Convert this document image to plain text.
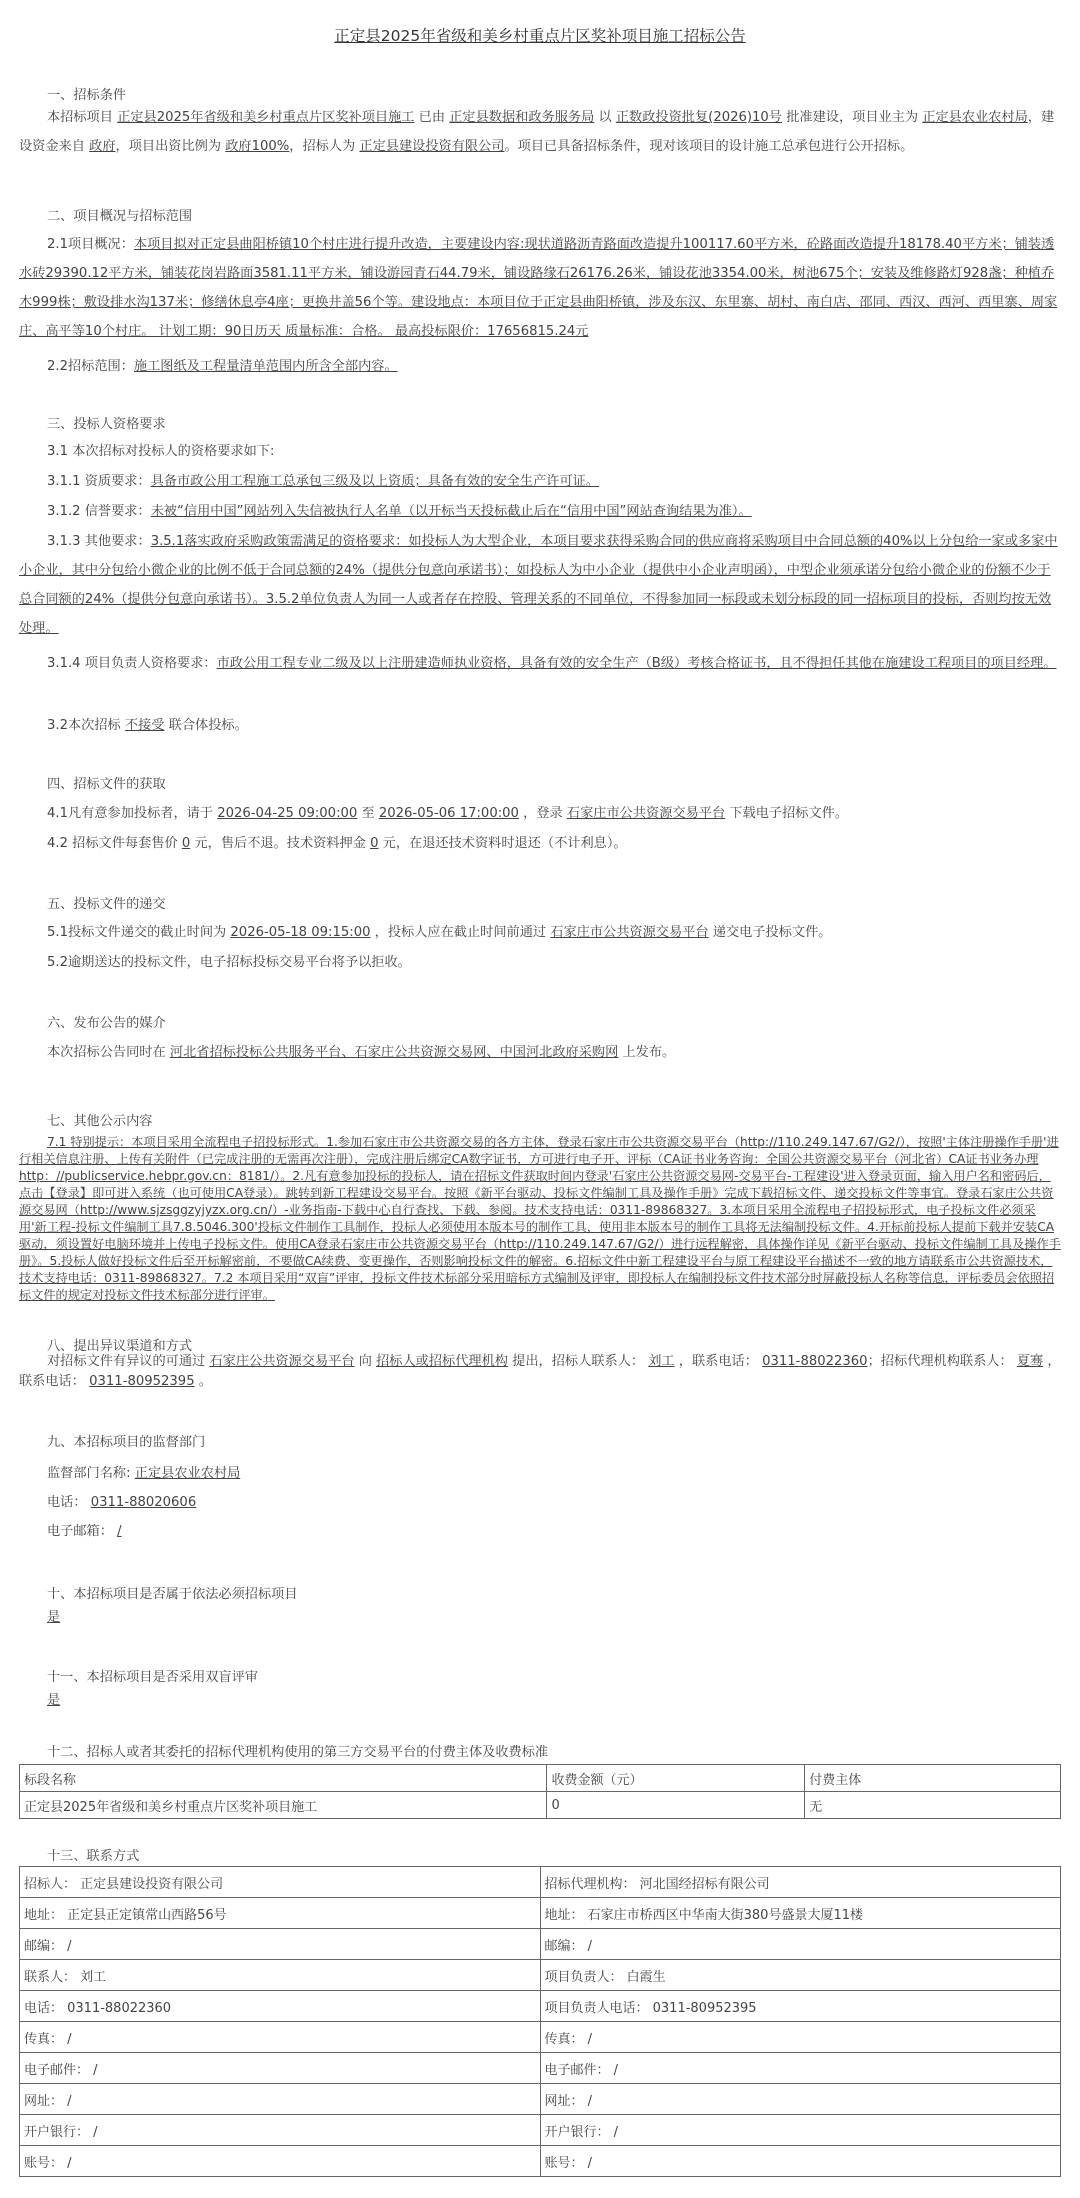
正定县2025年省级和美乡村重点片区奖补项目施工招标公告
一、招标条件
本招标项目 正定县2025年省级和美乡村重点片区奖补项目施工 已由 正定县数据和政务服务局 以 正数政投资批复(2026)10号 批准建设，项目业主为 正定县农业农村局，建设资金来自 政府，项目出资比例为 政府100%，招标人为 正定县建设投资有限公司。项目已具备招标条件，现对该项目的设计施工总承包进行公开招标。
二、项目概况与招标范围
2.1项目概况：本项目拟对正定县曲阳桥镇10个村庄进行提升改造，主要建设内容:现状道路沥青路面改造提升100117.60平方米，砼路面改造提升18178.40平方米；铺装透水砖29390.12平方米，铺装花岗岩路面3581.11平方米，铺设游园青石44.79米，铺设路缘石26176.26米，铺设花池3354.00米，树池675个；安装及维修路灯928盏；种植乔木999株；敷设排水沟137米；修缮休息亭4座；更换井盖56个等。建设地点：本项目位于正定县曲阳桥镇，涉及东汉、东里寨、胡村、南白店、邵同、西汉、西河、西里寨、周家庄、高平等10个村庄。 计划工期：90日历天 质量标准：合格。 最高投标限价：17656815.24元
2.2招标范围：施工图纸及工程量清单范围内所含全部内容。
三、投标人资格要求
3.1 本次招标对投标人的资格要求如下:
3.1.1 资质要求：具备市政公用工程施工总承包三级及以上资质；具备有效的安全生产许可证。
3.1.2 信誉要求：未被“信用中国”网站列入失信被执行人名单（以开标当天投标截止后在“信用中国”网站查询结果为准）。
3.1.3 其他要求：3.5.1落实政府采购政策需满足的资格要求：如投标人为大型企业，本项目要求获得采购合同的供应商将采购项目中合同总额的40%以上分包给一家或多家中小企业，其中分包给小微企业的比例不低于合同总额的24%（提供分包意向承诺书）；如投标人为中小企业（提供中小企业声明函），中型企业须承诺分包给小微企业的份额不少于总合同额的24%（提供分包意向承诺书）。3.5.2单位负责人为同一人或者存在控股、管理关系的不同单位，不得参加同一标段或未划分标段的同一招标项目的投标，否则均按无效处理。
3.1.4 项目负责人资格要求：市政公用工程专业二级及以上注册建造师执业资格，具备有效的安全生产（B级）考核合格证书，且不得担任其他在施建设工程项目的项目经理。
3.2本次招标 不接受 联合体投标。
四、招标文件的获取
4.1凡有意参加投标者，请于 2026-04-25 09:00:00 至 2026-05-06 17:00:00 ，登录 石家庄市公共资源交易平台 下载电子招标文件。
4.2 招标文件每套售价 0 元，售后不退。技术资料押金 0 元，在退还技术资料时退还（不计利息）。
五、投标文件的递交
5.1投标文件递交的截止时间为 2026-05-18 09:15:00 ，投标人应在截止时间前通过 石家庄市公共资源交易平台 递交电子投标文件。
5.2逾期送达的投标文件，电子招标投标交易平台将予以拒收。
六、发布公告的媒介
本次招标公告同时在 河北省招标投标公共服务平台、石家庄公共资源交易网、中国河北政府采购网 上发布。
七、其他公示内容
7.1 特别提示：本项目采用全流程电子招投标形式。1.参加石家庄市公共资源交易的各方主体，登录石家庄市公共资源交易平台（http://110.249.147.67/G2/），按照'主体注册操作手册'进行相关信息注册、上传有关附件（已完成注册的无需再次注册），完成注册后绑定CA数字证书，方可进行电子开、评标（CA证书业务咨询：全国公共资源交易平台（河北省）CA证书业务办理http：//publicservice.hebpr.gov.cn：8181/）。2.凡有意参加投标的投标人，请在招标文件获取时间内登录'石家庄公共资源交易网-交易平台-工程建设'进入登录页面，输入用户名和密码后，点击【登录】即可进入系统（也可使用CA登录）。跳转到新工程建设交易平台。按照《新平台驱动、投标文件编制工具及操作手册》完成下载招标文件、递交投标文件等事宜。登录石家庄公共资源交易网（http://www.sjzsggzyjyzx.org.cn/）-业务指南-下载中心自行查找、下载、参阅。技术支持电话：0311-89868327。3.本项目采用全流程电子招投标形式，电子投标文件必须采用'新工程-投标文件编制工具7.8.5046.300'投标文件制作工具制作，投标人必须使用本版本号的制作工具，使用非本版本号的制作工具将无法编制投标文件。4.开标前投标人提前下载并安装CA驱动，须设置好电脑环境并上传电子投标文件。使用CA登录石家庄市公共资源交易平台（http://110.249.147.67/G2/）进行远程解密，具体操作详见《新平台驱动、投标文件编制工具及操作手册》。5.投标人做好投标文件后至开标解密前，不要做CA续费、变更操作，否则影响投标文件的解密。6.招标文件中新工程建设平台与原工程建设平台描述不一致的地方请联系市公共资源技术，技术支持电话：0311-89868327。7.2 本项目采用“双盲”评审，投标文件技术标部分采用暗标方式编制及评审，即投标人在编制投标文件技术部分时屏蔽投标人名称等信息，评标委员会依照招标文件的规定对投标文件技术标部分进行评审。
八、提出异议渠道和方式
对招标文件有异议的可通过 石家庄公共资源交易平台 向 招标人或招标代理机构 提出，招标人联系人： 刘工 ，联系电话： 0311-88022360；招标代理机构联系人： 夏骞 ，联系电话： 0311-80952395 。
九、本招标项目的监督部门
监督部门名称: 正定县农业农村局
电话： 0311-88020606
电子邮箱： /
十、本招标项目是否属于依法必须招标项目
是
十一、本招标项目是否采用双盲评审
是
十二、招标人或者其委托的招标代理机构使用的第三方交易平台的付费主体及收费标准
标段名称	收费金额（元）	付费主体
正定县2025年省级和美乡村重点片区奖补项目施工	0	无
十三、联系方式
招标人： 正定县建设投资有限公司	招标代理机构： 河北国经招标有限公司
地址： 正定县正定镇常山西路56号	地址： 石家庄市桥西区中华南大街380号盛景大厦11楼
邮编： /	邮编： /
联系人： 刘工	项目负责人： 白霞生
电话： 0311-88022360	项目负责人电话： 0311-80952395
传真： /	传真： /
电子邮件： /	电子邮件： /
网址： /	网址： /
开户银行： /	开户银行： /
账号： /	账号： /
